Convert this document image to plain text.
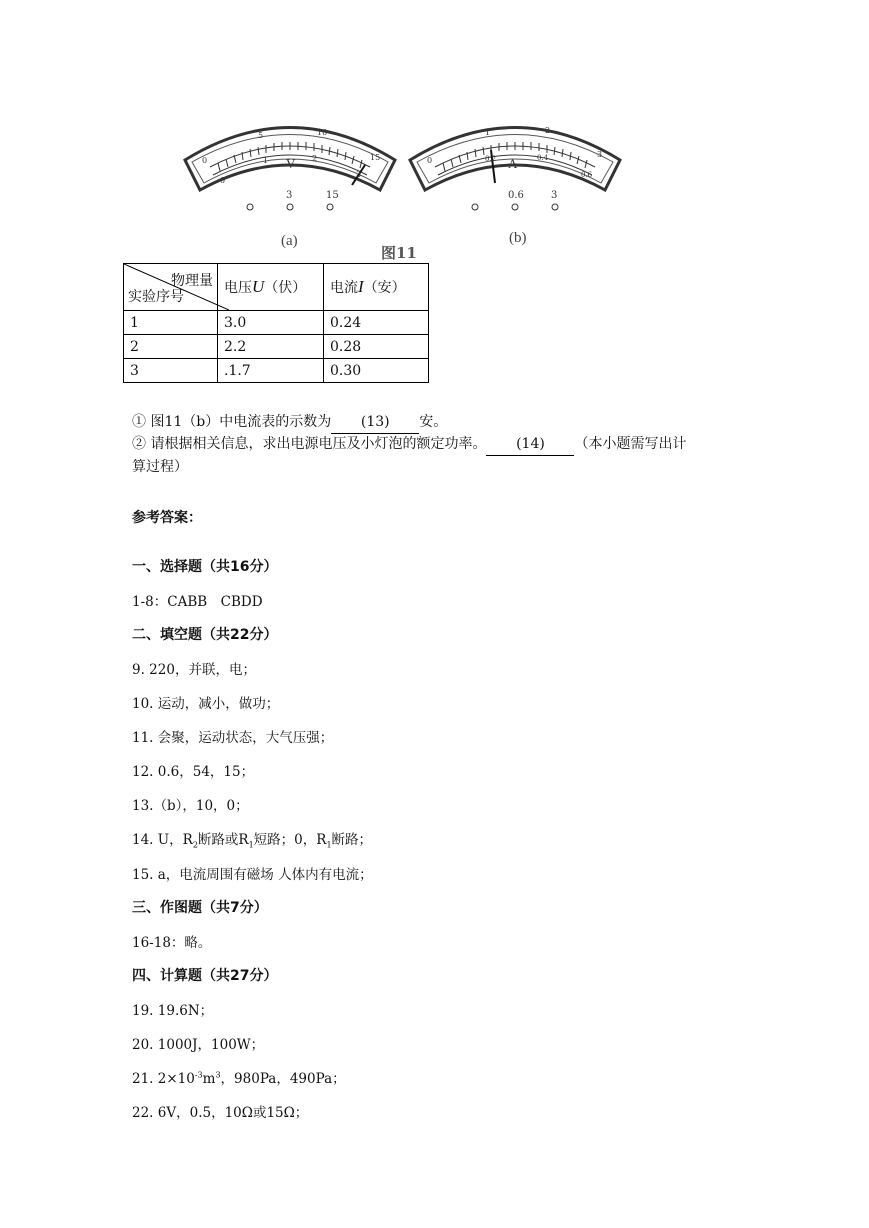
0
5	10
15
0
1	2
3
V
3	15
0
1	2
3
0.2	0.4
0.6
A
0.6	3
(a)	(b)
图11
物理量
实验序号	电压U（伏）	电流I（安）
1	3.0	0.24
2	2.2	0.28
3	.1.7	0.30
① 图11（b）中电流表的示数为 (13) 安。
② 请根据相关信息，求出电源电压及小灯泡的额定功率。 (14) （本小题需写出计
算过程）
参考答案：
一、选择题（共16分）
1-8：CABB　CBDD
二、填空题（共22分）
9. 220，并联，电；
10. 运动，减小，做功；
11. 会聚，运动状态，大气压强；
12. 0.6，54，15；
13.（b），10，0；
14. U，$R_2$断路或$R_1$短路；0，$R_1$断路；
15. a，电流周围有磁场 人体内有电流；
三、作图题（共7分）
16-18：略。
四、计算题（共27分）
19. 19.6N；
20. 1000J，100W；
21. $2\times 10^{-3}m^3$，980Pa，490Pa；
22. 6V，0.5，10Ω或15Ω；
